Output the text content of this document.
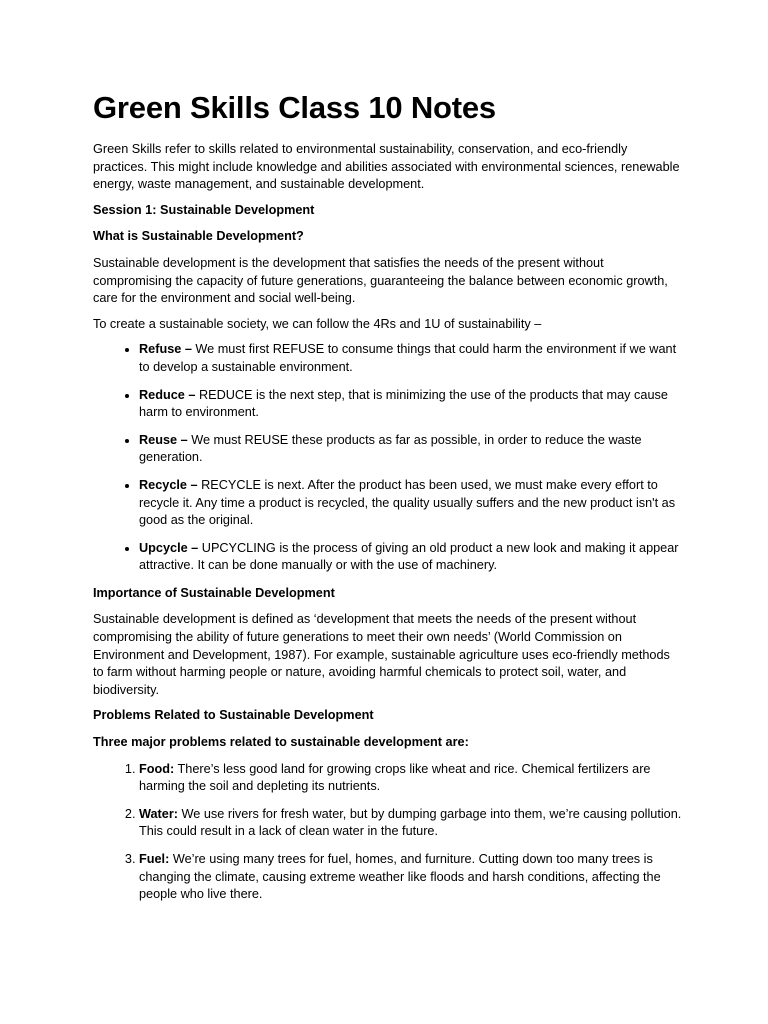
Green Skills Class 10 Notes

Green Skills refer to skills related to environmental sustainability, conservation, and eco-friendly practices. This might include knowledge and abilities associated with environmental sciences, renewable energy, waste management, and sustainable development.

Session 1: Sustainable Development

What is Sustainable Development?

Sustainable development is the development that satisfies the needs of the present without compromising the capacity of future generations, guaranteeing the balance between economic growth, care for the environment and social well-being.

To create a sustainable society, we can follow the 4Rs and 1U of sustainability –

• Refuse – We must first REFUSE to consume things that could harm the environment if we want to develop a sustainable environment.
• Reduce – REDUCE is the next step, that is minimizing the use of the products that may cause harm to environment.
• Reuse – We must REUSE these products as far as possible, in order to reduce the waste generation.
• Recycle – RECYCLE is next. After the product has been used, we must make every effort to recycle it. Any time a product is recycled, the quality usually suffers and the new product isn't as good as the original.
• Upcycle – UPCYCLING is the process of giving an old product a new look and making it appear attractive. It can be done manually or with the use of machinery.

Importance of Sustainable Development

Sustainable development is defined as ‘development that meets the needs of the present without compromising the ability of future generations to meet their own needs’ (World Commission on Environment and Development, 1987). For example, sustainable agriculture uses eco-friendly methods to farm without harming people or nature, avoiding harmful chemicals to protect soil, water, and biodiversity.

Problems Related to Sustainable Development

Three major problems related to sustainable development are:

1. Food: There’s less good land for growing crops like wheat and rice. Chemical fertilizers are harming the soil and depleting its nutrients.
2. Water: We use rivers for fresh water, but by dumping garbage into them, we’re causing pollution. This could result in a lack of clean water in the future.
3. Fuel: We’re using many trees for fuel, homes, and furniture. Cutting down too many trees is changing the climate, causing extreme weather like floods and harsh conditions, affecting the people who live there.
